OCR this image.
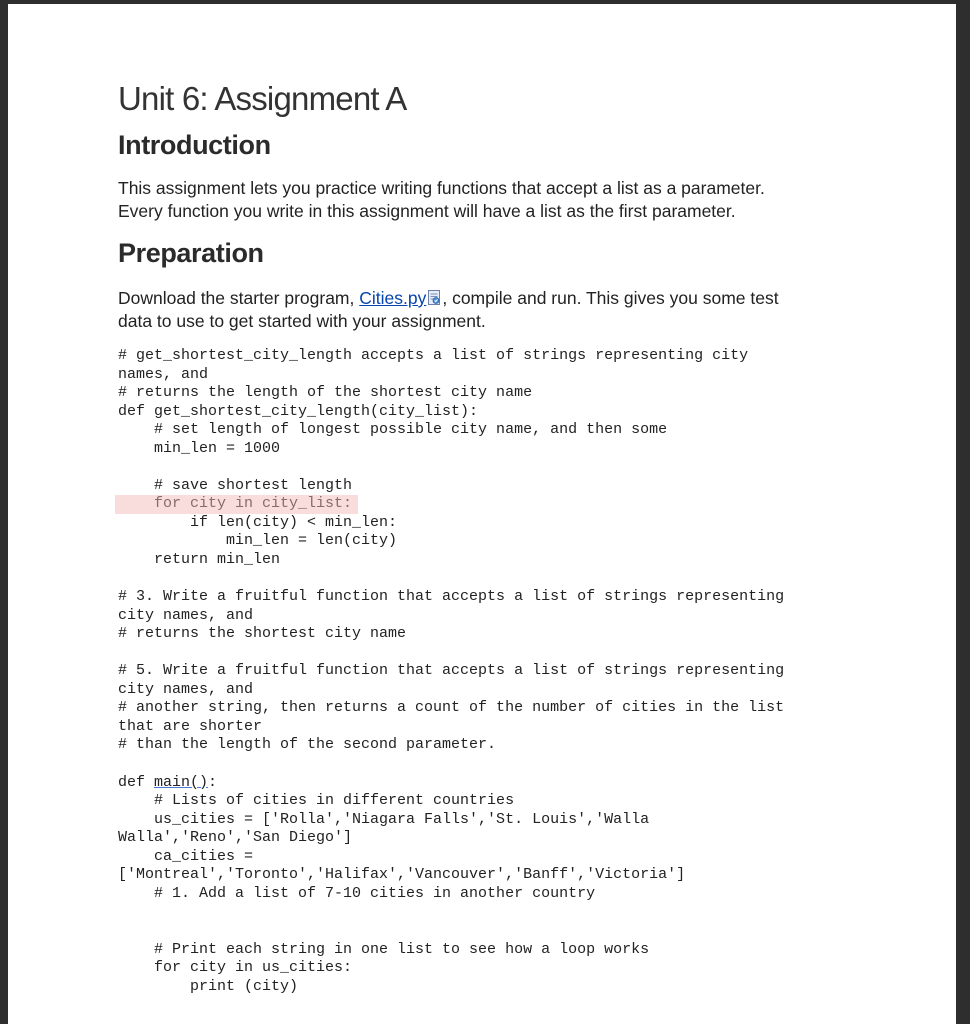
Unit 6: Assignment A
Introduction

This assignment lets you practice writing functions that accept a list as a parameter.

Every function you write in this assignment will have a list as the first parameter.

Preparation

Download the starter program, Cities.py , compile and run. This gives you some test

data to use to get started with your assignment.

# get_shortest_city_length accepts a list of strings representing city
names, and
# returns the length of the shortest city name
def get_shortest_city_length(city_list):
# set length of longest possible city name, and then some
min_len = 1000
# save shortest length
for city in city_list:
if len(city) < min_len:
min_len = len(city)
return min_len
# 3. Write a fruitful function that accepts a list of strings representing
city names, and
# returns the shortest city name
# 5. Write a fruitful function that accepts a list of strings representing
city names, and
# another string, then returns a count of the number of cities in the list
that are shorter
# than the length of the second parameter.
def main():
# Lists of cities in different countries
us_cities = ['Rolla','Niagara Falls','St. Louis','Walla
Walla','Reno','San Diego']
ca_cities =
['Montreal','Toronto','Halifax','Vancouver','Banff','Victoria']
# 1. Add a list of 7-10 cities in another country
# Print each string in one list to see how a loop works
for city in us_cities:
print (city)
